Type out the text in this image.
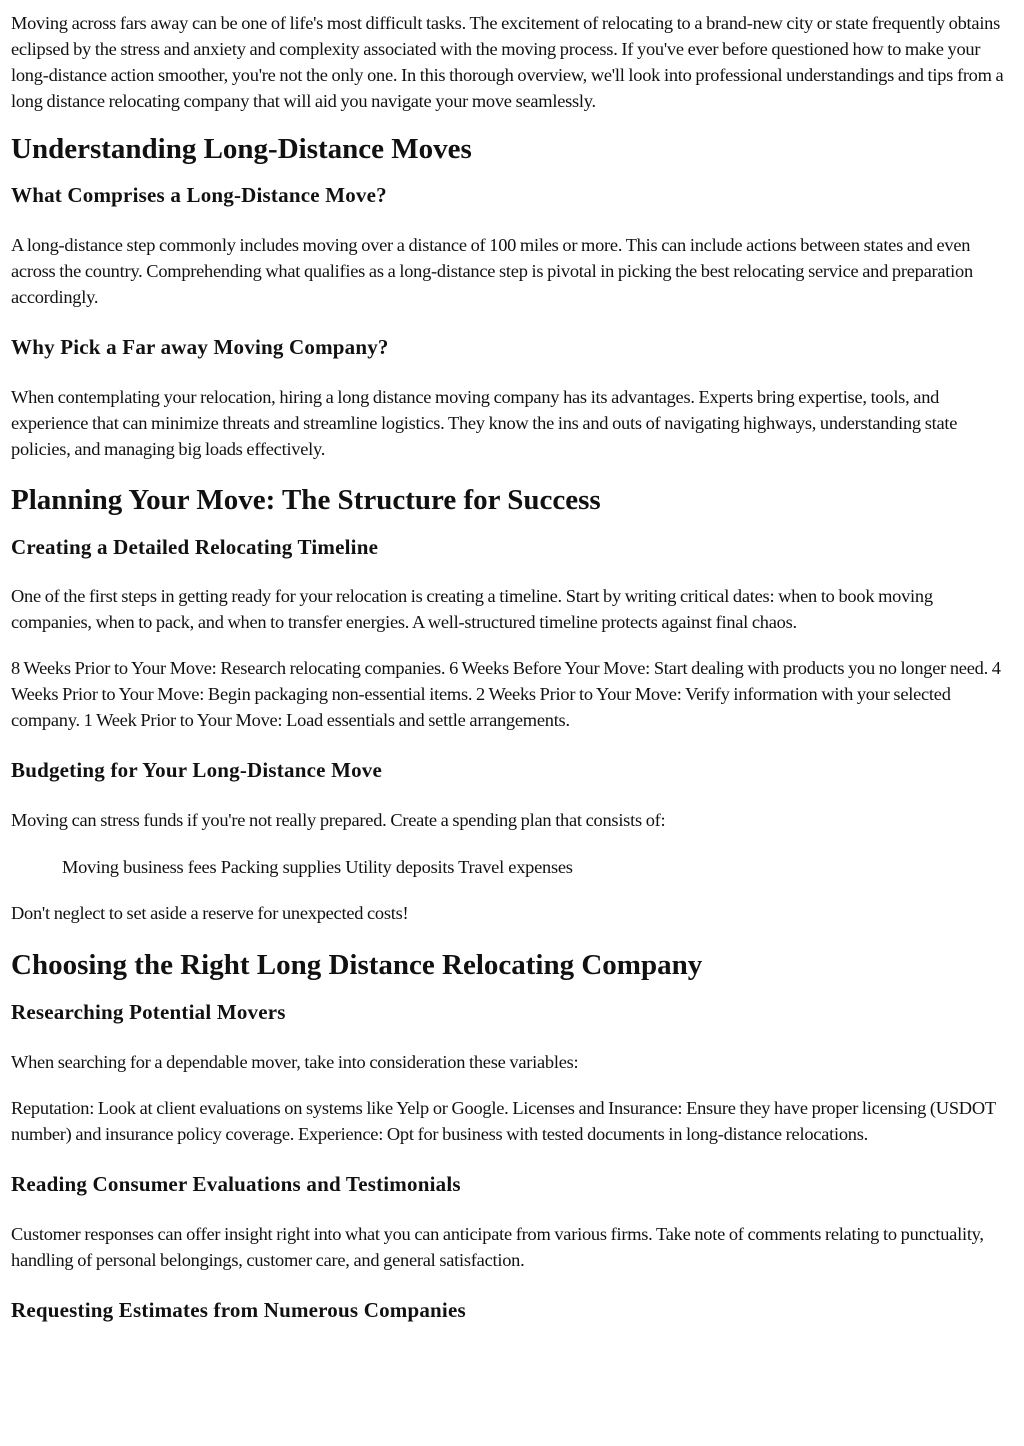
Moving across fars away can be one of life's most difficult tasks. The excitement of relocating to a brand-new city or state frequently obtains eclipsed by the stress and anxiety and complexity associated with the moving process. If you've ever before questioned how to make your long-distance action smoother, you're not the only one. In this thorough overview, we'll look into professional understandings and tips from a long distance relocating company that will aid you navigate your move seamlessly.

Understanding Long-Distance Moves
What Comprises a Long-Distance Move?

A long-distance step commonly includes moving over a distance of 100 miles or more. This can include actions between states and even across the country. Comprehending what qualifies as a long-distance step is pivotal in picking the best relocating service and preparation accordingly.

Why Pick a Far away Moving Company?

When contemplating your relocation, hiring a long distance moving company has its advantages. Experts bring expertise, tools, and experience that can minimize threats and streamline logistics. They know the ins and outs of navigating highways, understanding state policies, and managing big loads effectively.

Planning Your Move: The Structure for Success
Creating a Detailed Relocating Timeline

One of the first steps in getting ready for your relocation is creating a timeline. Start by writing critical dates: when to book moving companies, when to pack, and when to transfer energies. A well-structured timeline protects against final chaos.

8 Weeks Prior to Your Move: Research relocating companies. 6 Weeks Before Your Move: Start dealing with products you no longer need. 4 Weeks Prior to Your Move: Begin packaging non-essential items. 2 Weeks Prior to Your Move: Verify information with your selected company. 1 Week Prior to Your Move: Load essentials and settle arrangements.

Budgeting for Your Long-Distance Move

Moving can stress funds if you're not really prepared. Create a spending plan that consists of:

Moving business fees Packing supplies Utility deposits Travel expenses

Don't neglect to set aside a reserve for unexpected costs!

Choosing the Right Long Distance Relocating Company
Researching Potential Movers

When searching for a dependable mover, take into consideration these variables:

Reputation: Look at client evaluations on systems like Yelp or Google. Licenses and Insurance: Ensure they have proper licensing (USDOT number) and insurance policy coverage. Experience: Opt for business with tested documents in long-distance relocations.

Reading Consumer Evaluations and Testimonials

Customer responses can offer insight right into what you can anticipate from various firms. Take note of comments relating to punctuality, handling of personal belongings, customer care, and general satisfaction.

Requesting Estimates from Numerous Companies
